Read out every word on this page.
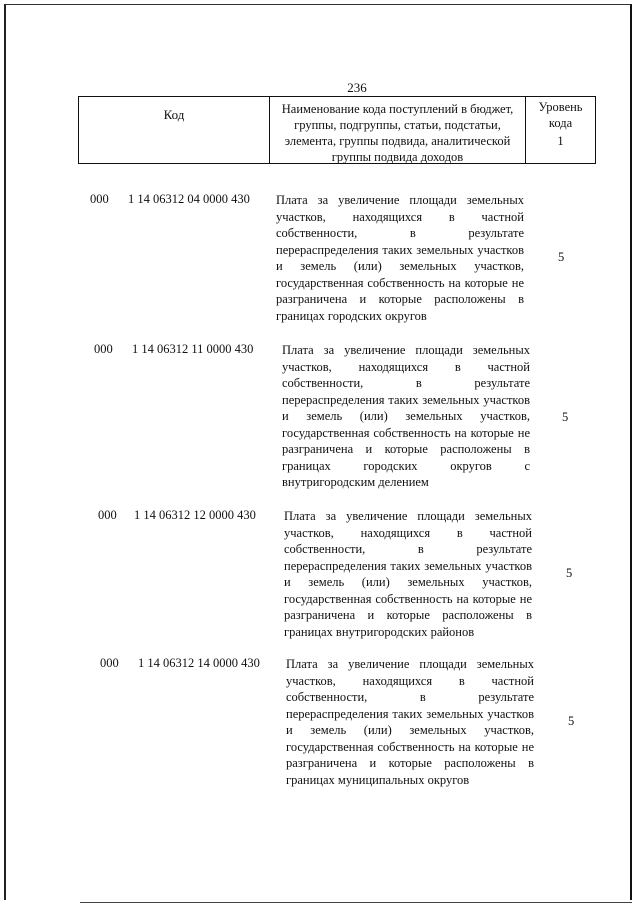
236
Код	Наименование кода поступлений в бюджет, группы, подгруппы, статьи, подстатьи, элемента, группы подвида, аналитической группы подвида доходов
Уровень кода
1
000 1 14 06312 04 0000 430 Плата за увеличение площади земельных участков, находящихся в частной собственности, в результате перераспределения таких земельных участков и земель (или) земельных участков, государственная собственность на которые не разграничена и которые расположены в границах городских округов
5
000 1 14 06312 11 0000 430 Плата за увеличение площади земельных участков, находящихся в частной собственности, в результате перераспределения таких земельных участков и земель (или) земельных участков, государственная собственность на которые не разграничена и которые расположены в границах городских округов с внутригородским делением
5
000 1 14 06312 12 0000 430 Плата за увеличение площади земельных участков, находящихся в частной собственности, в результате перераспределения таких земельных участков и земель (или) земельных участков, государственная собственность на которые не разграничена и которые расположены в границах внутригородских районов
5
000 1 14 06312 14 0000 430 Плата за увеличение площади земельных участков, находящихся в частной собственности, в результате перераспределения таких земельных участков и земель (или) земельных участков, государственная собственность на которые не разграничена и которые расположены в границах муниципальных округов
5
